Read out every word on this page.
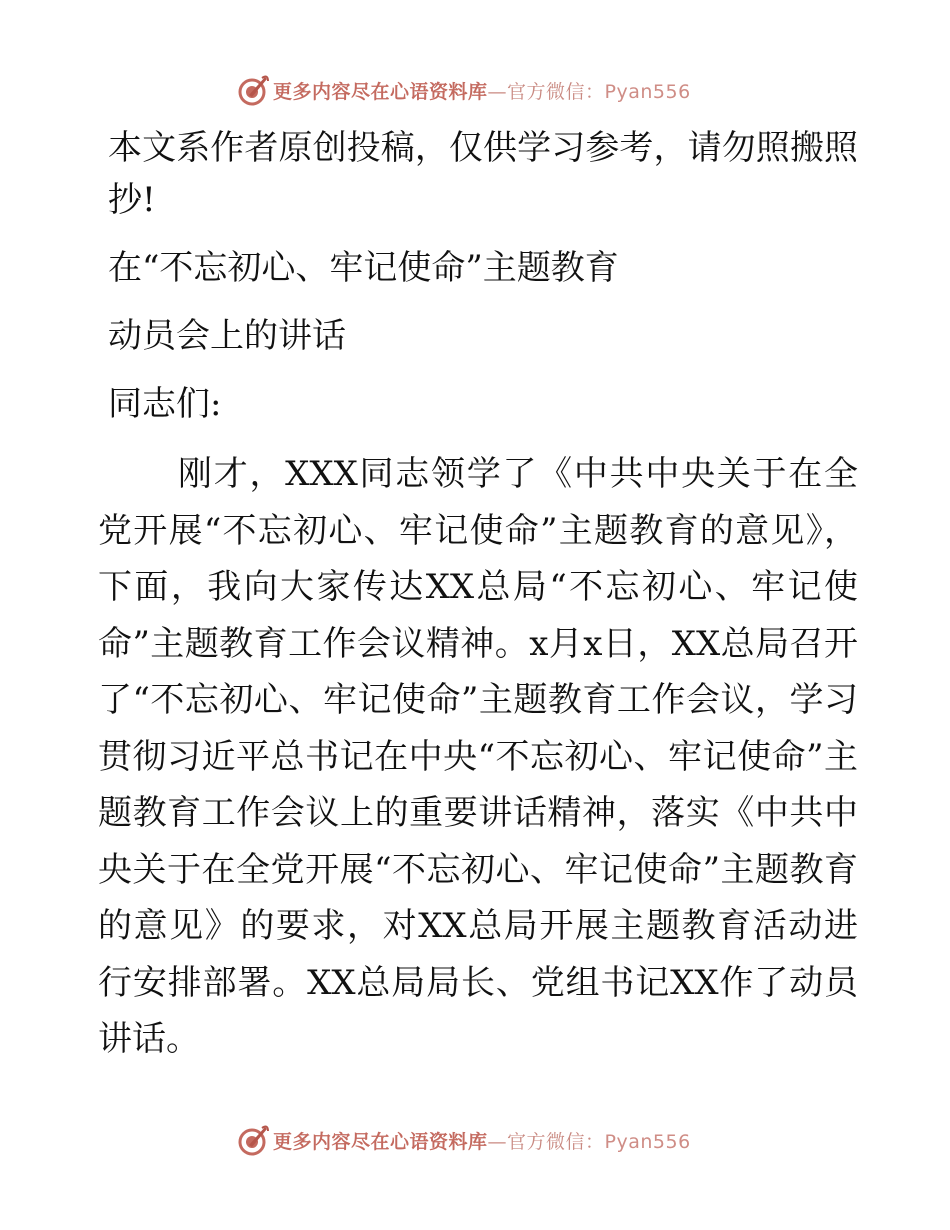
更多内容尽在心语资料库—官方微信：Pyan556

本文系作者原创投稿，仅供学习参考，请勿照搬照抄!

在“不忘初心、牢记使命”主题教育

动员会上的讲话

同志们:

刚才，XXX同志领学了《中共中央关于在全党开展“不忘初心、牢记使命”主题教育的意见》，下面，我向大家传达XX总局“不忘初心、牢记使命”主题教育工作会议精神。x月x日，XX总局召开了“不忘初心、牢记使命”主题教育工作会议，学习贯彻习近平总书记在中央“不忘初心、牢记使命”主题教育工作会议上的重要讲话精神，落实《中共中央关于在全党开展“不忘初心、牢记使命”主题教育的意见》的要求，对XX总局开展主题教育活动进行安排部署。XX总局局长、党组书记XX作了动员讲话。

更多内容尽在心语资料库—官方微信：Pyan556
